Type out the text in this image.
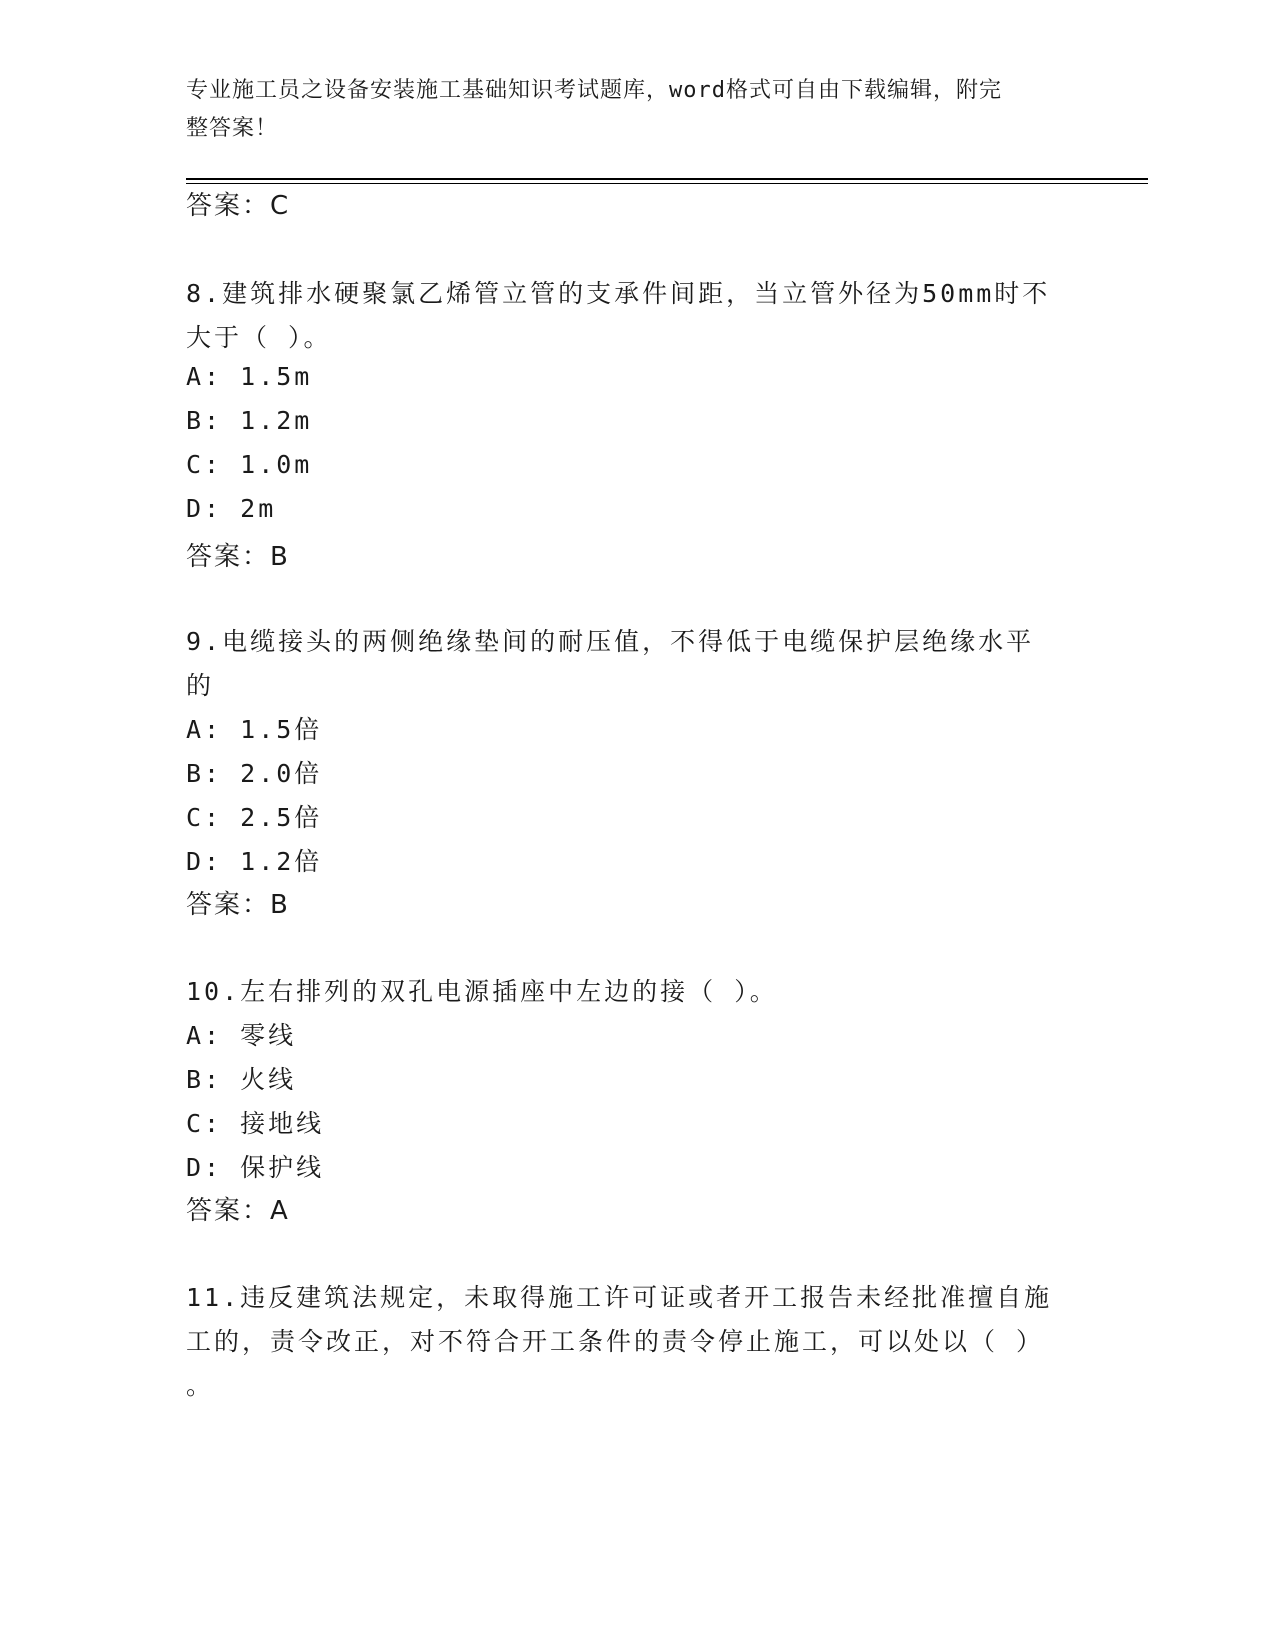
专业施工员之设备安装施工基础知识考试题库，word格式可自由下载编辑，附完
整答案！
答案：C
8.建筑排水硬聚氯乙烯管立管的支承件间距，当立管外径为50mm时不
大于（ ）。
A: 1.5m
B: 1.2m
C: 1.0m
D: 2m
答案：B
9.电缆接头的两侧绝缘垫间的耐压值，不得低于电缆保护层绝缘水平
的
A: 1.5倍
B: 2.0倍
C: 2.5倍
D: 1.2倍
答案：B
10.左右排列的双孔电源插座中左边的接（ ）。
A: 零线
B: 火线
C: 接地线
D: 保护线
答案：A
11.违反建筑法规定，未取得施工许可证或者开工报告未经批准擅自施
工的，责令改正，对不符合开工条件的责令停止施工，可以处以（ ）
。
